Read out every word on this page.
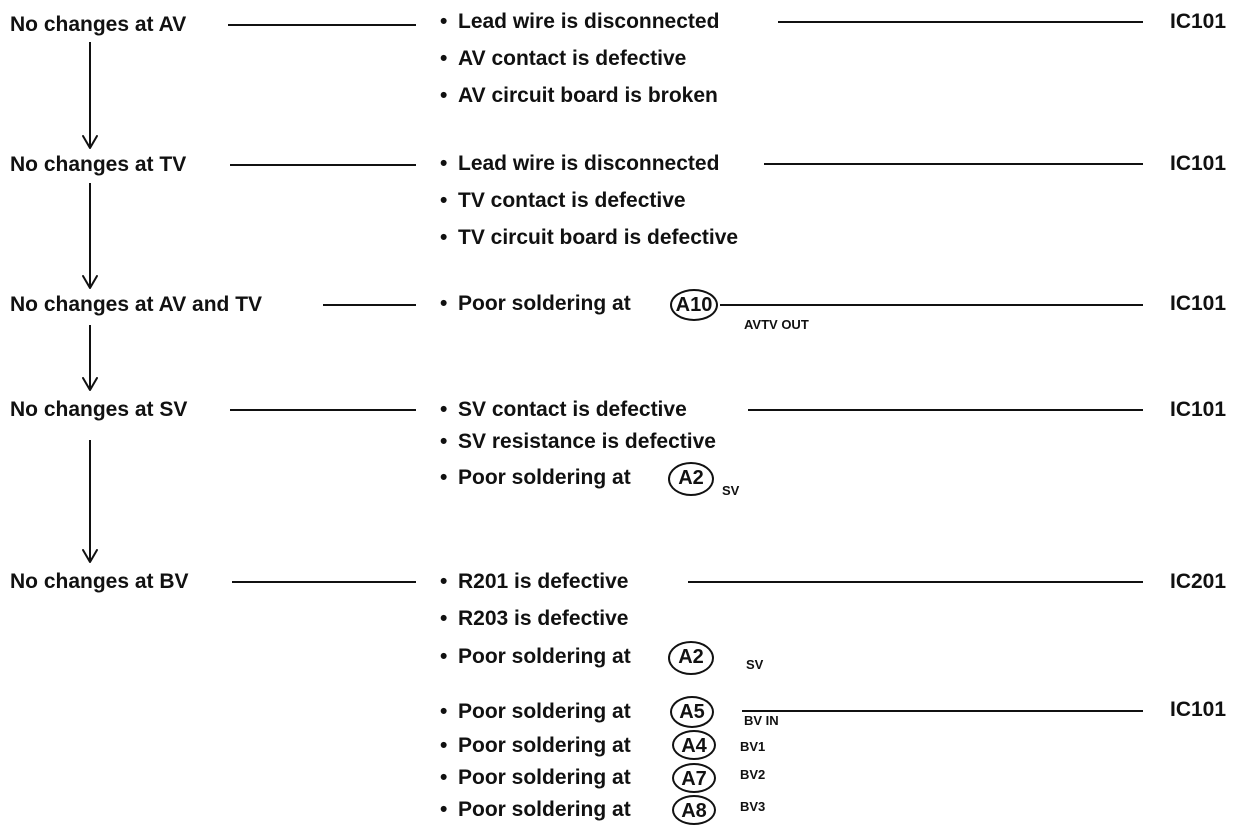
No changes at AV
No changes at TV
No changes at AV and TV
No changes at SV
No changes at BV
• Lead wire is disconnected
• AV contact is defective
• AV circuit board is broken
• Lead wire is disconnected
• TV contact is defective
• TV circuit board is defective
• Poor soldering at A10
AVTV OUT
• SV contact is defective
• SV resistance is defective
• Poor soldering at	A2
SV
• R201 is defective
• R203 is defective
• Poor soldering at	A2	SV
• Poor soldering at	A5	BV IN
• Poor soldering at	A4	BV1
• Poor soldering at	A7	BV2
• Poor soldering at	A8	BV3
IC101
IC101
IC101
IC101
IC201
IC101
